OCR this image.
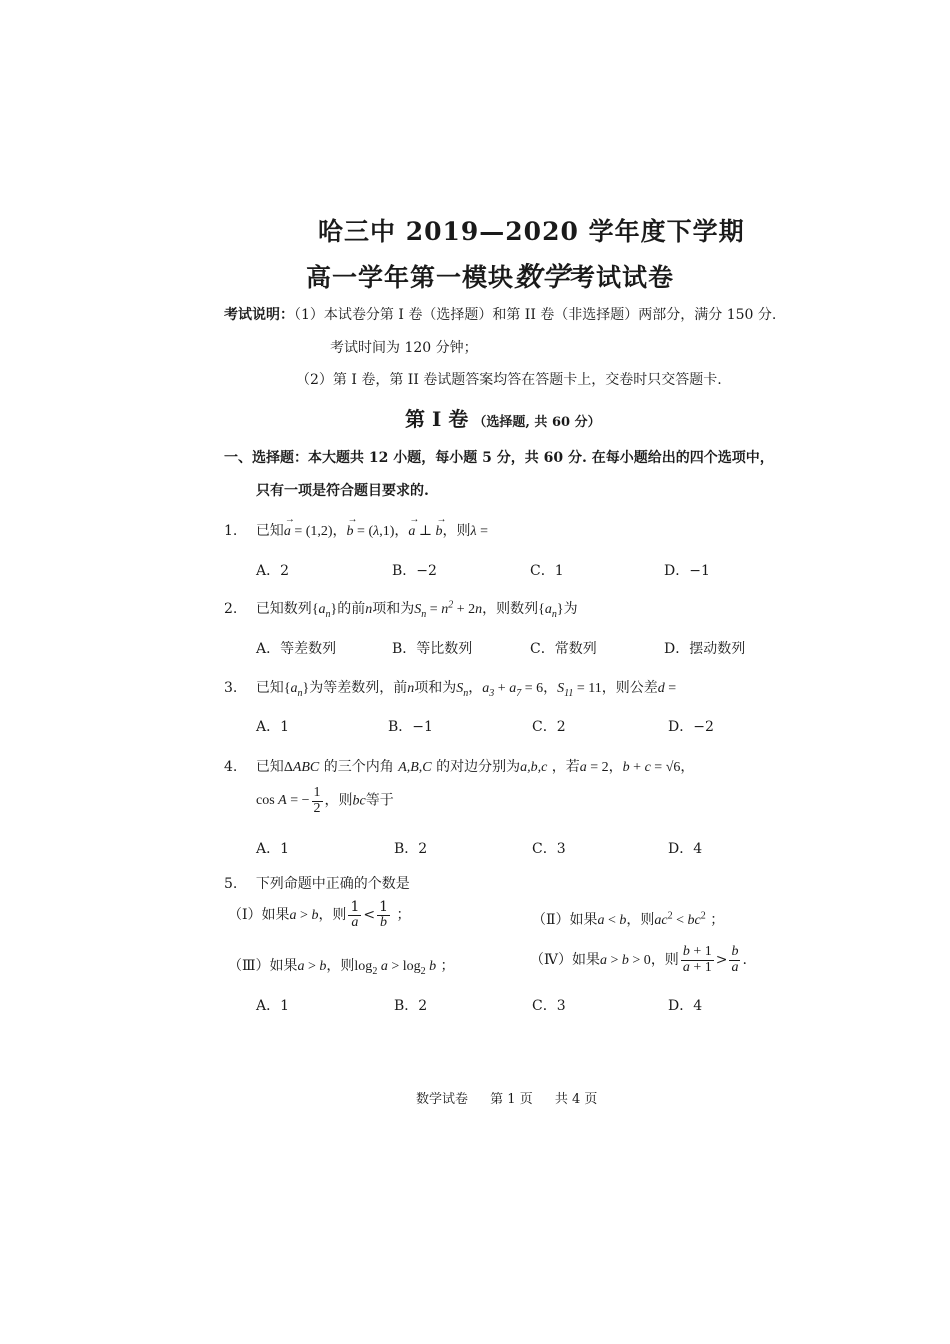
哈三中 2019—2020 学年度下学期
高一学年第一模块数学考试试卷
考试说明：（1）本试卷分第 I 卷（选择题）和第 II 卷（非选择题）两部分，满分 150 分.
考试时间为 120 分钟；
（2）第 I 卷，第 II 卷试题答案均答在答题卡上，交卷时只交答题卡.
第 I 卷 （选择题, 共 60 分）
一、选择题：本大题共 12 小题，每小题 5 分，共 60 分. 在每小题给出的四个选项中，
只有一项是符合题目要求的.
1. 已知→ a = (1,2)，→ b = (λ,1)，→ a ⊥ → b，则λ =
A．2	B．−2	C．1	D．−1
2. 已知数列$\{a_n\}$的前n项和为$S_n = n^2 + 2n$，则数列$\{a_n\}$为
A．等差数列	B．等比数列	C．常数列	D．摆动数列
3. 已知$\{a_n\}$为等差数列，前n项和为$S_n$，$a_3 + a_7 = 6$，$S_{11} = 11$，则公差d =
A．1	B．−1	C．2	D．−2
4. 已知ΔABC 的三个内角 A,B,C 的对边分别为a,b,c ，若a = 2，b + c = √6，
cos A = − $\frac{1}{2}$ ，则bc等于
A．1	B．2	C．3	D．4
5. 下列命题中正确的个数是
（Ⅰ）如果a > b，则 $\frac{1}{a} < \frac{1}{b}$ ；	（Ⅱ）如果a < b，则$ac^2 < bc^2$ ；
（Ⅲ）如果a > b，则$\log_2 a > \log_2 b$ ；	（Ⅳ）如果a > b > 0，则 $\frac{b + 1}{a + 1} > \frac{b}{a}$ .
A．1	B．2	C．3	D．4
数学试卷 第 1 页 共 4 页
